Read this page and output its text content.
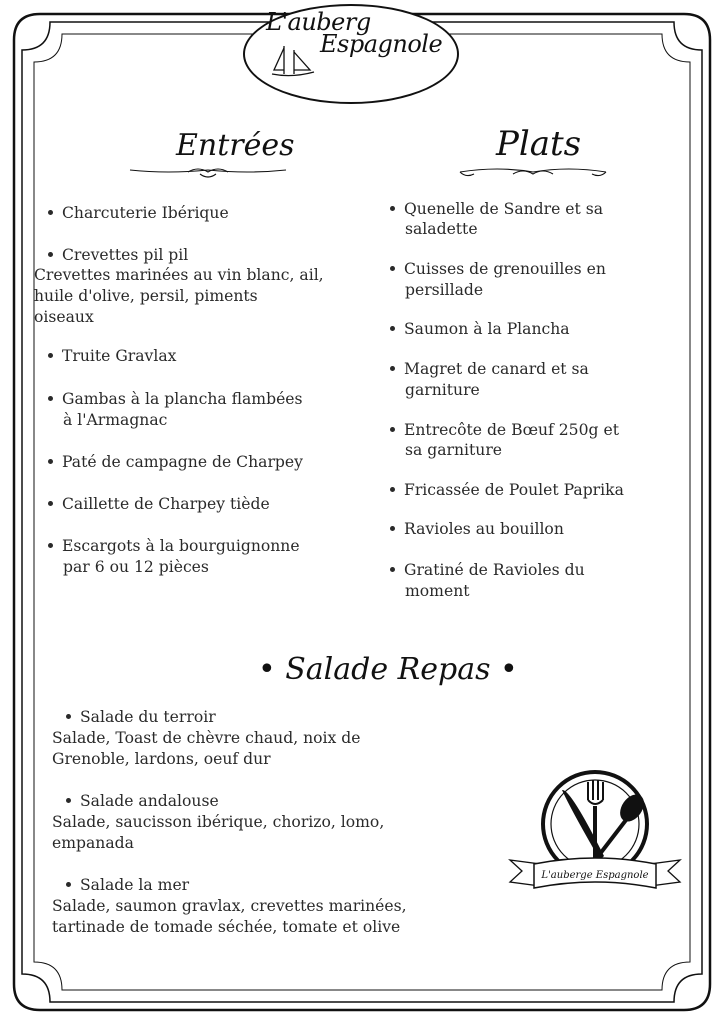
L'auberg
Espagnole
Entrées
Charcuterie Ibérique
Crevettes pil pil
Crevettes marinées au vin blanc, ail,
huile d'olive, persil, piments
oiseaux
Truite Gravlax
Gambas à la plancha flambées
à l'Armagnac
Paté de campagne de Charpey
Caillette de Charpey tiède
Escargots à la bourguignonne
par 6 ou 12 pièces
Plats
Quenelle de Sandre et sa
saladette
Cuisses de grenouilles en
persillade
Saumon à la Plancha
Magret de canard et sa
garniture
Entrecôte de Bœuf 250g et
sa garniture
Fricassée de Poulet Paprika
Ravioles au bouillon
Gratiné de Ravioles du
moment
• Salade Repas •
Salade du terroir
Salade, Toast de chèvre chaud, noix de
Grenoble, lardons, oeuf dur
Salade andalouse
Salade, saucisson ibérique, chorizo, lomo,
empanada
Salade la mer
Salade, saumon gravlax, crevettes marinées,
tartinade de tomade séchée, tomate et olive
L'auberge Espagnole
